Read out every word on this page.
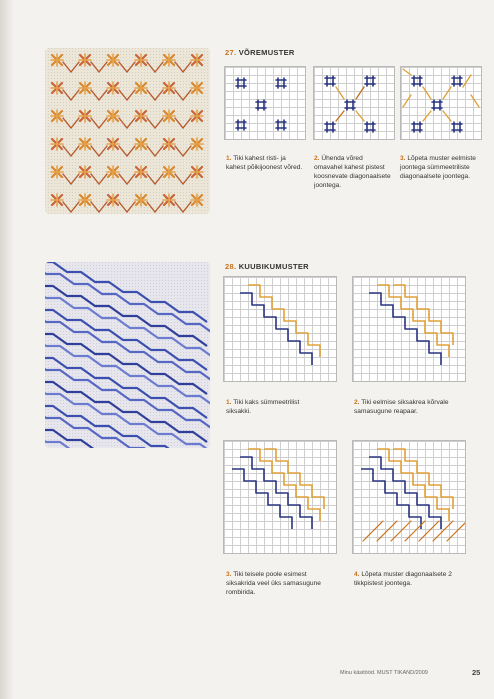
27. VÕREMUSTER
1. Tiki kahest risti- ja kahest põikijoonest võred.
2. Ühenda võred omavahel kahest pistest koosnevate diagonaalsete joontega.
3. Lõpeta muster eelmiste joontega sümmeetriliste diagonaalsete joontega.
28. KUUBIKUMUSTER
1. Tiki kaks sümmeetrilist siksakki.
2. Tiki eelmise siksakrea kõrvale samasugune reapaar.
3. Tiki teisele poole esimest siksakrida veel üks samasugune rombirida.
4. Lõpeta muster diagonaalsete 2 tikkpistest joontega.
Minu käsitööd. MUST TIKAND/2009	25
